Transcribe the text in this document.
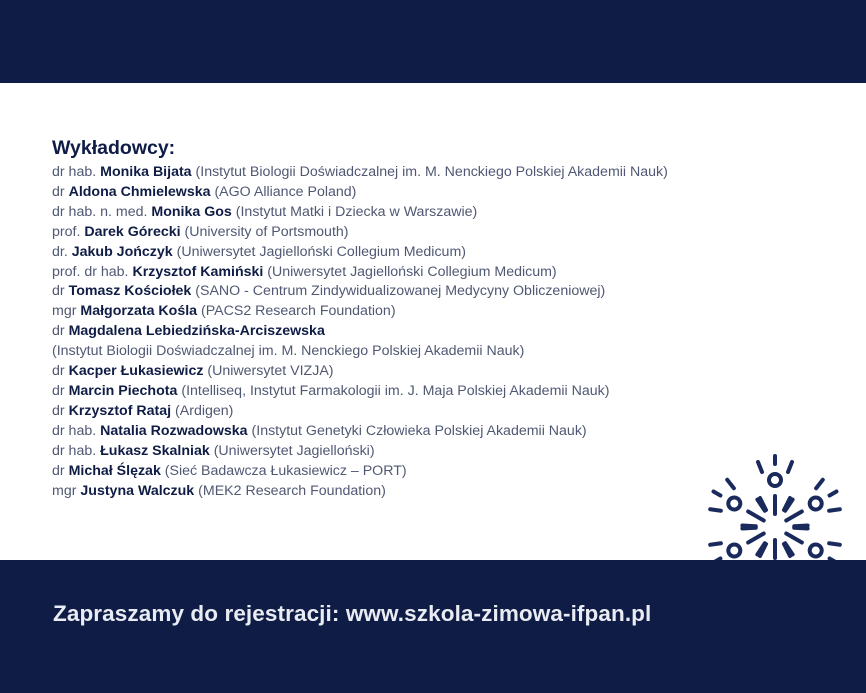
Wykładowcy:
dr hab. Monika Bijata (Instytut Biologii Doświadczalnej im. M. Nenckiego Polskiej Akademii Nauk)
dr Aldona Chmielewska (AGO Alliance Poland)
dr hab. n. med. Monika Gos (Instytut Matki i Dziecka w Warszawie)
prof. Darek Górecki (University of Portsmouth)
dr. Jakub Jończyk (Uniwersytet Jagielloński Collegium Medicum)
prof. dr hab. Krzysztof Kamiński (Uniwersytet Jagielloński Collegium Medicum)
dr Tomasz Kościołek (SANO - Centrum Zindywidualizowanej Medycyny Obliczeniowej)
mgr Małgorzata Kośla (PACS2 Research Foundation)
dr Magdalena Lebiedzińska-Arciszewska
(Instytut Biologii Doświadczalnej im. M. Nenckiego Polskiej Akademii Nauk)
dr Kacper Łukasiewicz (Uniwersytet VIZJA)
dr Marcin Piechota (Intelliseq, Instytut Farmakologii im. J. Maja Polskiej Akademii Nauk)
dr Krzysztof Rataj (Ardigen)
dr hab. Natalia Rozwadowska (Instytut Genetyki Człowieka Polskiej Akademii Nauk)
dr hab. Łukasz Skalniak (Uniwersytet Jagielloński)
dr Michał Ślęzak (Sieć Badawcza Łukasiewicz – PORT)
mgr Justyna Walczuk (MEK2 Research Foundation)
Zapraszamy do rejestracji: www.szkola-zimowa-ifpan.pl
